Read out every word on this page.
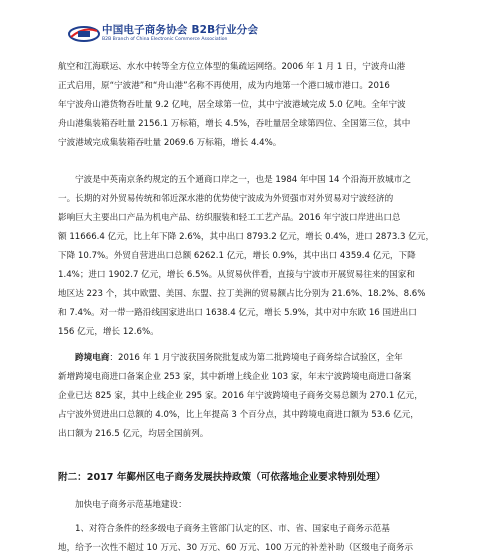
中国电子商务协会 B2B行业分会
B2B Branch of China Electronic Commerce Association
航空和江海联运、水水中转等全方位立体型的集疏运网络。2006 年 1 月 1 日，宁波舟山港
正式启用，原“宁波港”和“舟山港”名称不再使用，成为内地第一个港口城市港口。2016
年宁波舟山港货物吞吐量 9.2 亿吨，居全球第一位，其中宁波港域完成 5.0 亿吨。全年宁波
舟山港集装箱吞吐量 2156.1 万标箱，增长 4.5%，吞吐量居全球第四位、全国第三位，其中
宁波港域完成集装箱吞吐量 2069.6 万标箱，增长 4.4%。
宁波是中英南京条约规定的五个通商口岸之一，也是 1984 年中国 14 个沿海开放城市之
一。长期的对外贸易传统和邻近深水港的优势使宁波成为外贸强市对外贸易对宁波经济的
影响巨大主要出口产品为机电产品、纺织服装和轻工工艺产品。2016 年宁波口岸进出口总
额 11666.4 亿元，比上年下降 2.6%，其中出口 8793.2 亿元，增长 0.4%，进口 2873.3 亿元，
下降 10.7%。外贸自营进出口总额 6262.1 亿元，增长 0.9%，其中出口 4359.4 亿元，下降
1.4%；进口 1902.7 亿元，增长 6.5%。从贸易伙伴看，直接与宁波市开展贸易往来的国家和
地区达 223 个，其中欧盟、美国、东盟、拉丁美洲的贸易额占比分别为 21.6%、18.2%、8.6%
和 7.4%。对一带一路沿线国家进出口 1638.4 亿元，增长 5.9%，其中对中东欧 16 国进出口
156 亿元，增长 12.6%。
跨境电商：2016 年 1 月宁波获国务院批复成为第二批跨境电子商务综合试验区，全年
新增跨境电商进口备案企业 253 家，其中新增上线企业 103 家，年末宁波跨境电商进口备案
企业已达 825 家，其中上线企业 295 家。2016 年宁波跨境电子商务交易总额为 270.1 亿元，
占宁波外贸进出口总额的 4.0%，比上年提高 3 个百分点，其中跨境电商进口额为 53.6 亿元，
出口额为 216.5 亿元，均居全国前列。
附二：2017 年鄞州区电子商务发展扶持政策（可依落地企业要求特别处理）
加快电子商务示范基地建设：
1、对符合条件的经多级电子商务主管部门认定的区、市、省、国家电子商务示范基
地，给予一次性不超过 10 万元、30 万元、60 万元、100 万元的补差补助（区级电子商务示
